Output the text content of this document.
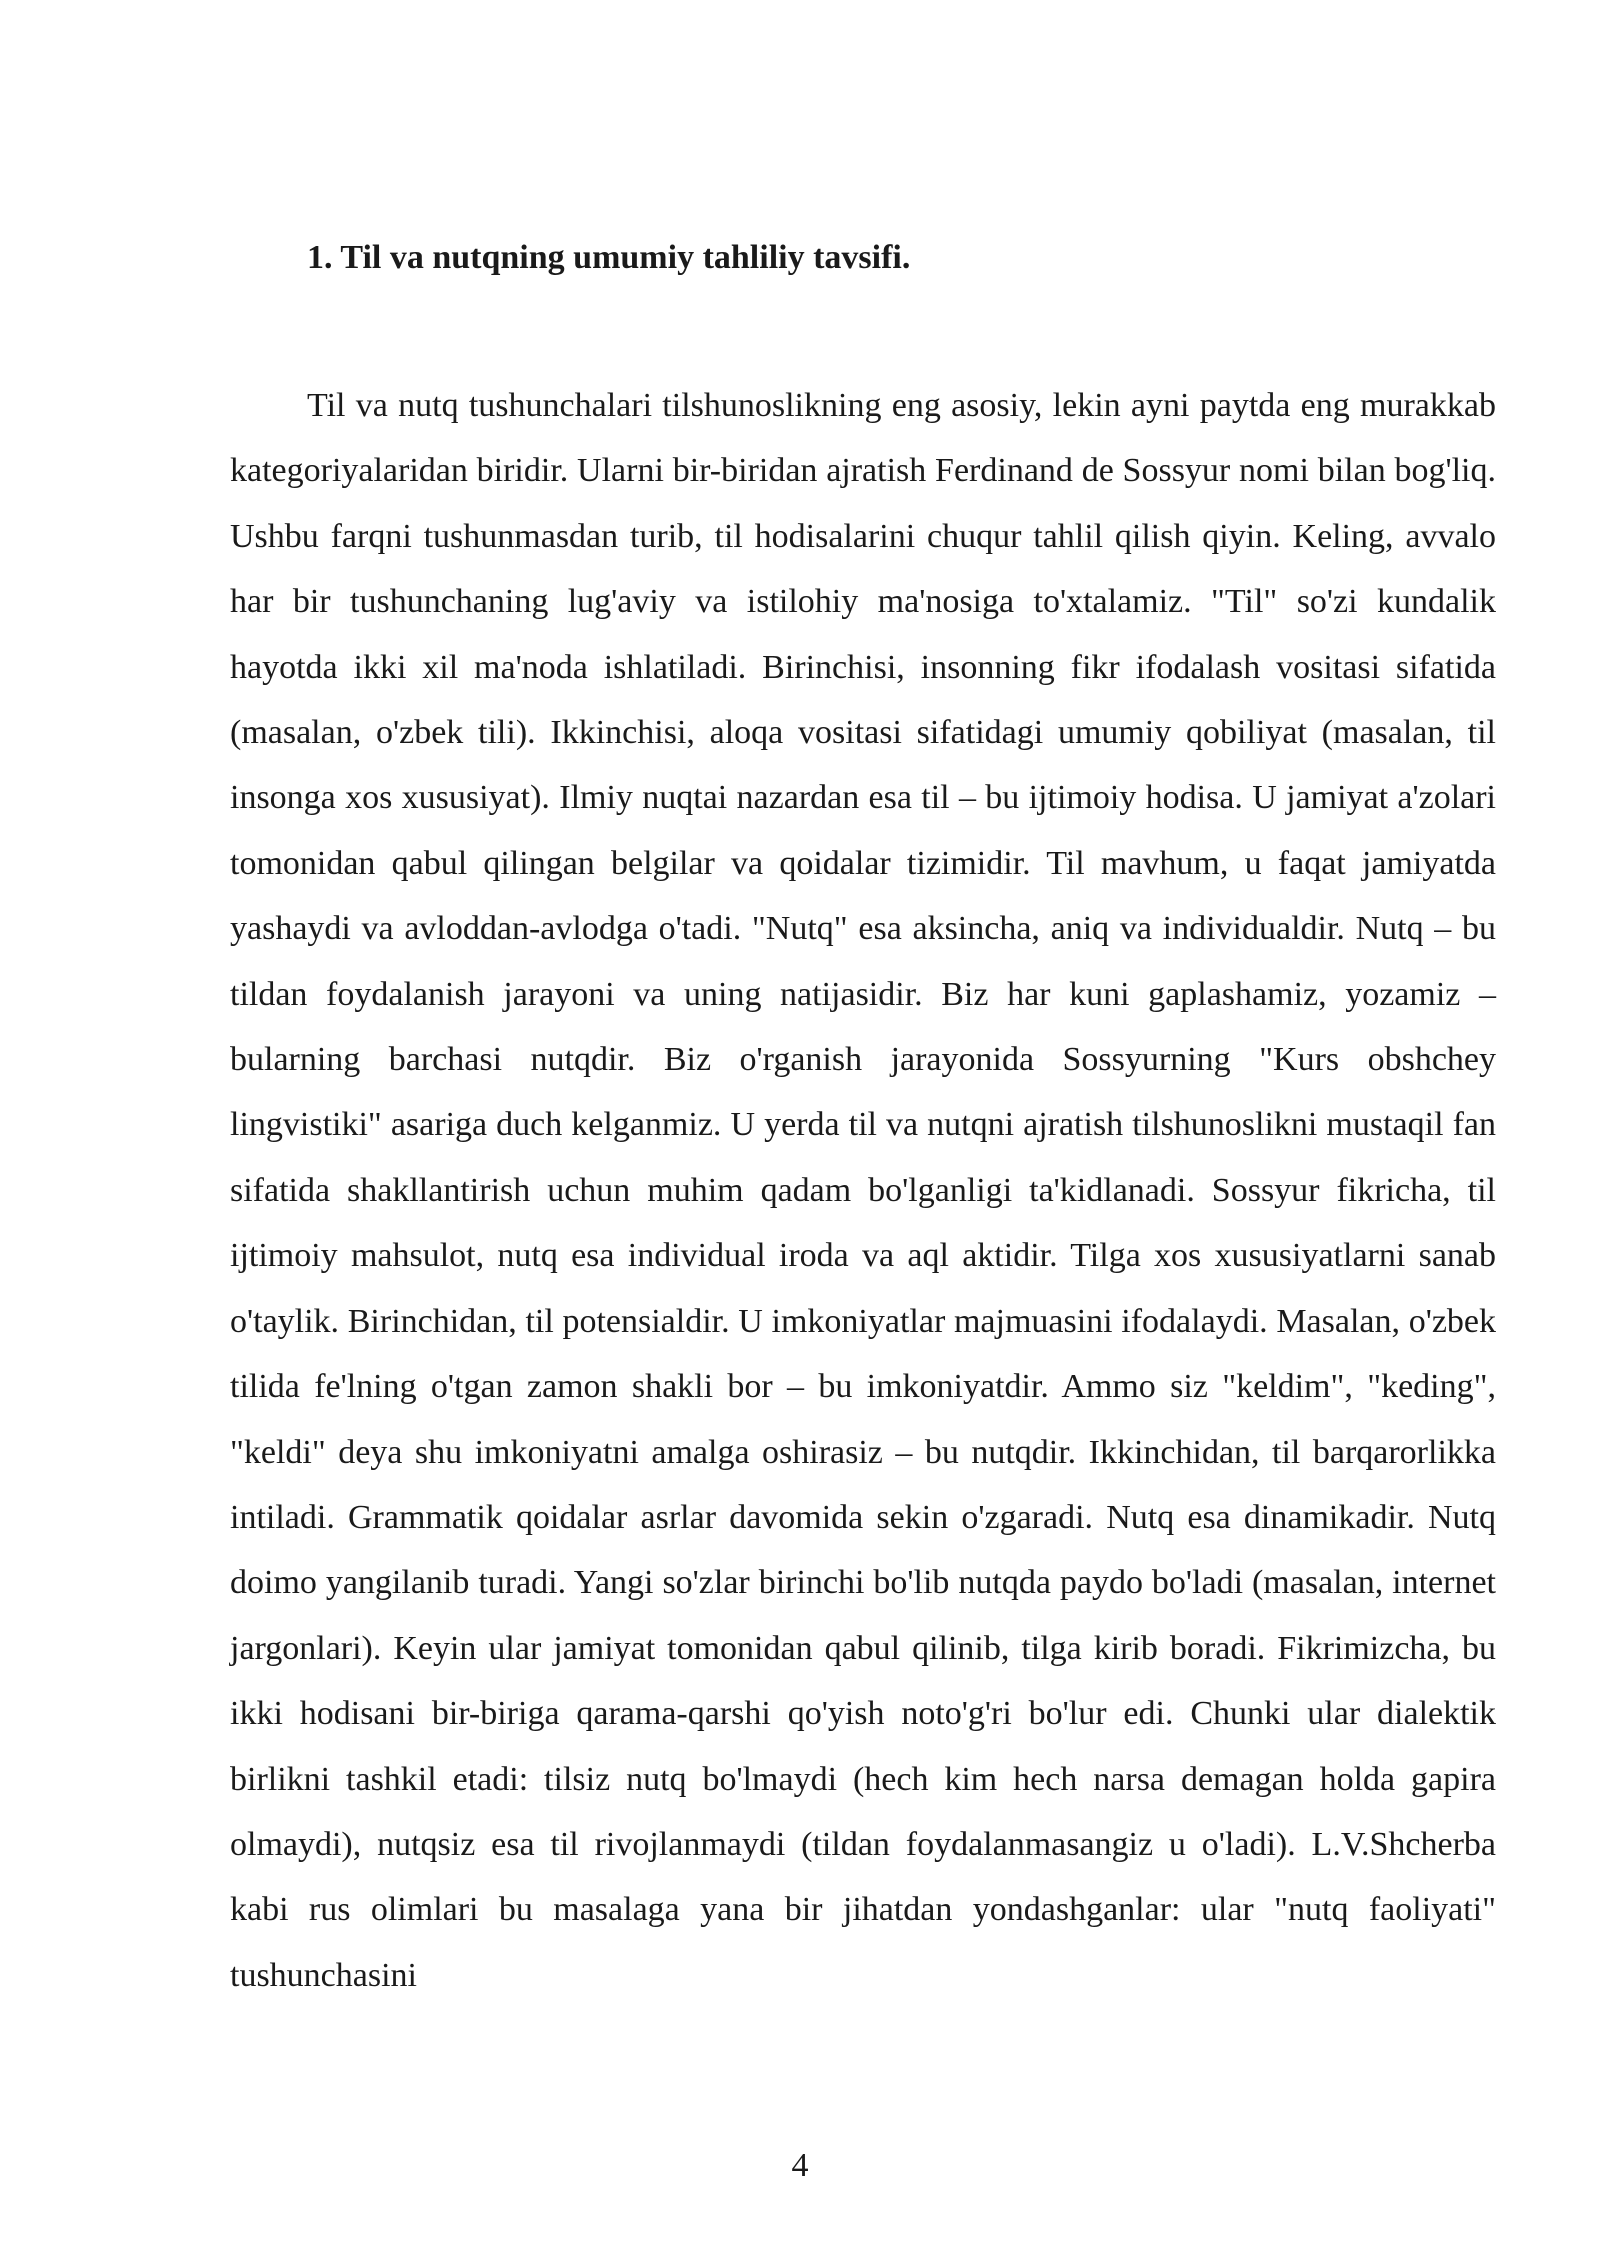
1. Til va nutqning umumiy tahliliy tavsifi.

Til va nutq tushunchalari tilshunoslikning eng asosiy, lekin ayni paytda eng murakkab kategoriyalaridan biridir. Ularni bir-biridan ajratish Ferdinand de Sossyur nomi bilan bog'liq. Ushbu farqni tushunmasdan turib, til hodisalarini chuqur tahlil qilish qiyin. Keling, avvalo har bir tushunchaning lug'aviy va istilohiy ma'nosiga to'xtalamiz. "Til" so'zi kundalik hayotda ikki xil ma'noda ishlatiladi. Birinchisi, insonning fikr ifodalash vositasi sifatida (masalan, o'zbek tili). Ikkinchisi, aloqa vositasi sifatidagi umumiy qobiliyat (masalan, til insonga xos xususiyat). Ilmiy nuqtai nazardan esa til – bu ijtimoiy hodisa. U jamiyat a'zolari tomonidan qabul qilingan belgilar va qoidalar tizimidir. Til mavhum, u faqat jamiyatda yashaydi va avloddan-avlodga o'tadi. "Nutq" esa aksincha, aniq va individualdir. Nutq – bu tildan foydalanish jarayoni va uning natijasidir. Biz har kuni gaplashamiz, yozamiz – bularning barchasi nutqdir. Biz o'rganish jarayonida Sossyurning "Kurs obshchey lingvistiki" asariga duch kelganmiz. U yerda til va nutqni ajratish tilshunoslikni mustaqil fan sifatida shakllantirish uchun muhim qadam bo'lganligi ta'kidlanadi. Sossyur fikricha, til ijtimoiy mahsulot, nutq esa individual iroda va aql aktidir. Tilga xos xususiyatlarni sanab o'taylik. Birinchidan, til potensialdir. U imkoniyatlar majmuasini ifodalaydi. Masalan, o'zbek tilida fe'lning o'tgan zamon shakli bor – bu imkoniyatdir. Ammo siz "keldim", "keding", "keldi" deya shu imkoniyatni amalga oshirasiz – bu nutqdir. Ikkinchidan, til barqarorlikka intiladi. Grammatik qoidalar asrlar davomida sekin o'zgaradi. Nutq esa dinamikadir. Nutq doimo yangilanib turadi. Yangi so'zlar birinchi bo'lib nutqda paydo bo'ladi (masalan, internet jargonlari). Keyin ular jamiyat tomonidan qabul qilinib, tilga kirib boradi. Fikrimizcha, bu ikki hodisani bir-biriga qarama-qarshi qo'yish noto'g'ri bo'lur edi. Chunki ular dialektik birlikni tashkil etadi: tilsiz nutq bo'lmaydi (hech kim hech narsa demagan holda gapira olmaydi), nutqsiz esa til rivojlanmaydi (tildan foydalanmasangiz u o'ladi). L.V.Shcherba kabi rus olimlari bu masalaga yana bir jihatdan yondashganlar: ular "nutq faoliyati" tushunchasini

4
